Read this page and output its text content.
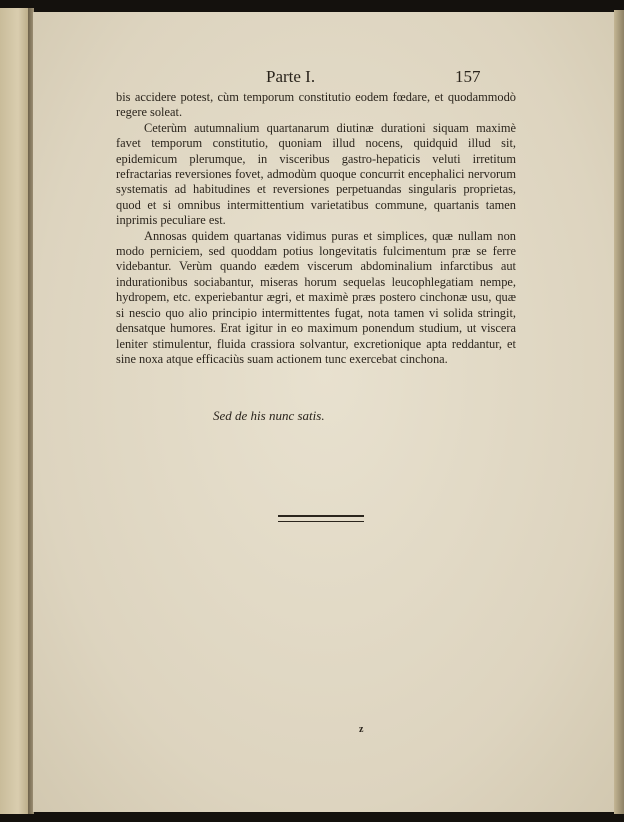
Parte I.	157

bis accidere potest, cùm temporum constitutio eodem fœdare, et quodammodò regere soleat.

Ceterùm autumnalium quartanarum diutinæ durationi siquam maximè favet temporum constitutio, quoniam illud nocens, quidquid illud sit, epidemicum plerumque, in visceribus gastro-hepaticis veluti irretitum refractarias reversiones fovet, admodùm quoque concurrit encephalici nervorum systematis ad habitudines et reversiones perpetuandas singularis proprietas, quod et si omnibus intermittentium varietatibus commune, quartanis tamen inprimis peculiare est.

Annosas quidem quartanas vidimus puras et simplices, quæ nullam non modo perniciem, sed quoddam potius longevitatis fulcimentum præ se ferre videbantur. Verùm quando eædem viscerum abdominalium infarctibus aut indurationibus sociabantur, miseras horum sequelas leucophlegatiam nempe, hydropem, etc. experiebantur ægri, et maximè præs postero cinchonæ usu, quæ si nescio quo alio principio intermittentes fugat, nota tamen vi solida stringit, densatque humores. Erat igitur in eo maximum ponendum studium, ut viscera leniter stimulentur, fluida crassiora solvantur, excretionique apta reddantur, et sine noxa atque efficaciùs suam actionem tunc exercebat cinchona.

Sed de his nunc satis.
z
